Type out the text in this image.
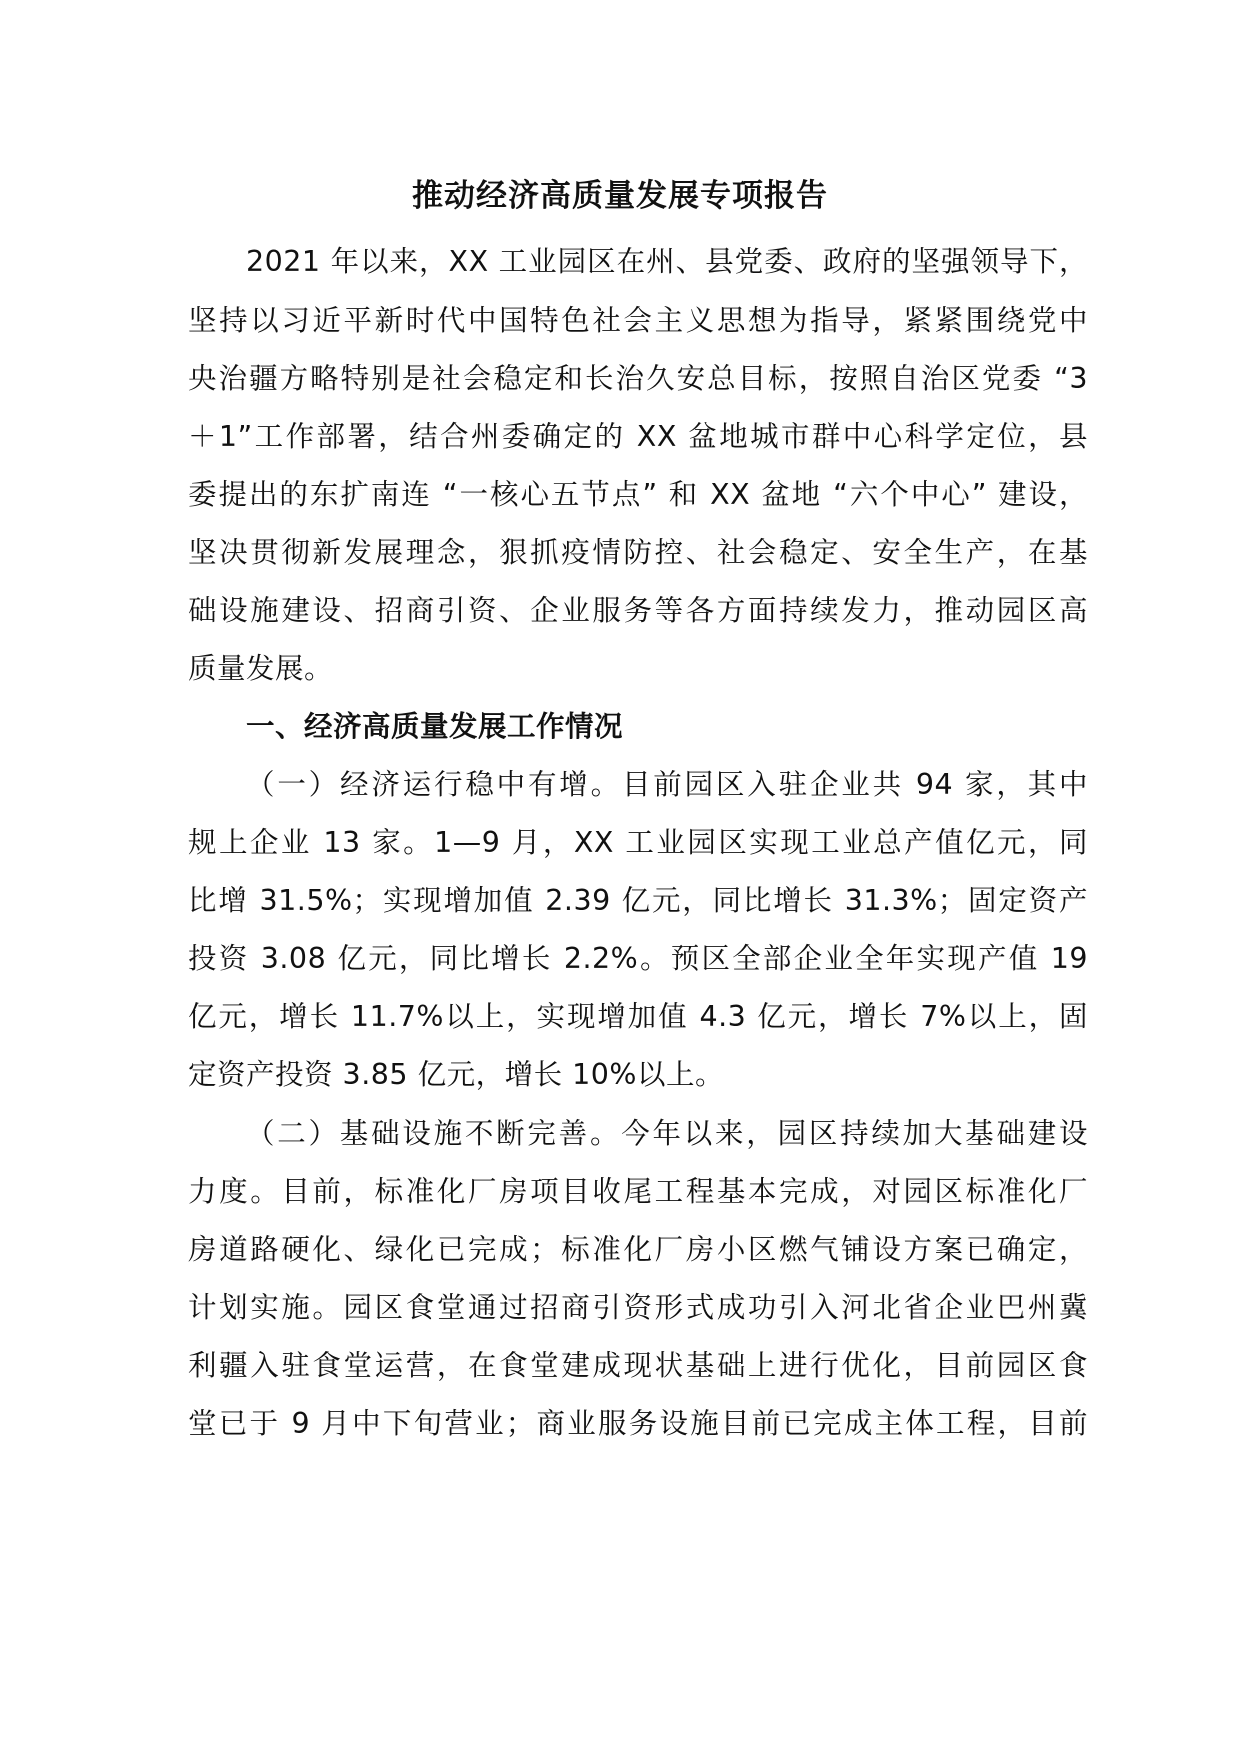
推动经济高质量发展专项报告
2021 年以来，XX 工业园区在州、县党委、政府的坚强领导下，
坚持以习近平新时代中国特色社会主义思想为指导，紧紧围绕党中
央治疆方略特别是社会稳定和长治久安总目标，按照自治区党委 “3
＋1”工作部署，结合州委确定的 XX 盆地城市群中心科学定位，县
委提出的东扩南连 “一核心五节点” 和 XX 盆地 “六个中心” 建设，
坚决贯彻新发展理念，狠抓疫情防控、社会稳定、安全生产，在基
础设施建设、招商引资、企业服务等各方面持续发力，推动园区高
质量发展。
一、经济高质量发展工作情况
（一）经济运行稳中有增。目前园区入驻企业共 94 家，其中
规上企业 13 家。1—9 月，XX 工业园区实现工业总产值亿元，同
比增 31.5%；实现增加值 2.39 亿元，同比增长 31.3%；固定资产
投资 3.08 亿元，同比增长 2.2%。预区全部企业全年实现产值 19
亿元，增长 11.7%以上，实现增加值 4.3 亿元，增长 7%以上，固
定资产投资 3.85 亿元，增长 10%以上。
（二）基础设施不断完善。今年以来，园区持续加大基础建设
力度。目前，标准化厂房项目收尾工程基本完成，对园区标准化厂
房道路硬化、绿化已完成；标准化厂房小区燃气铺设方案已确定，
计划实施。园区食堂通过招商引资形式成功引入河北省企业巴州冀
利疆入驻食堂运营，在食堂建成现状基础上进行优化，目前园区食
堂已于 9 月中下旬营业；商业服务设施目前已完成主体工程，目前
